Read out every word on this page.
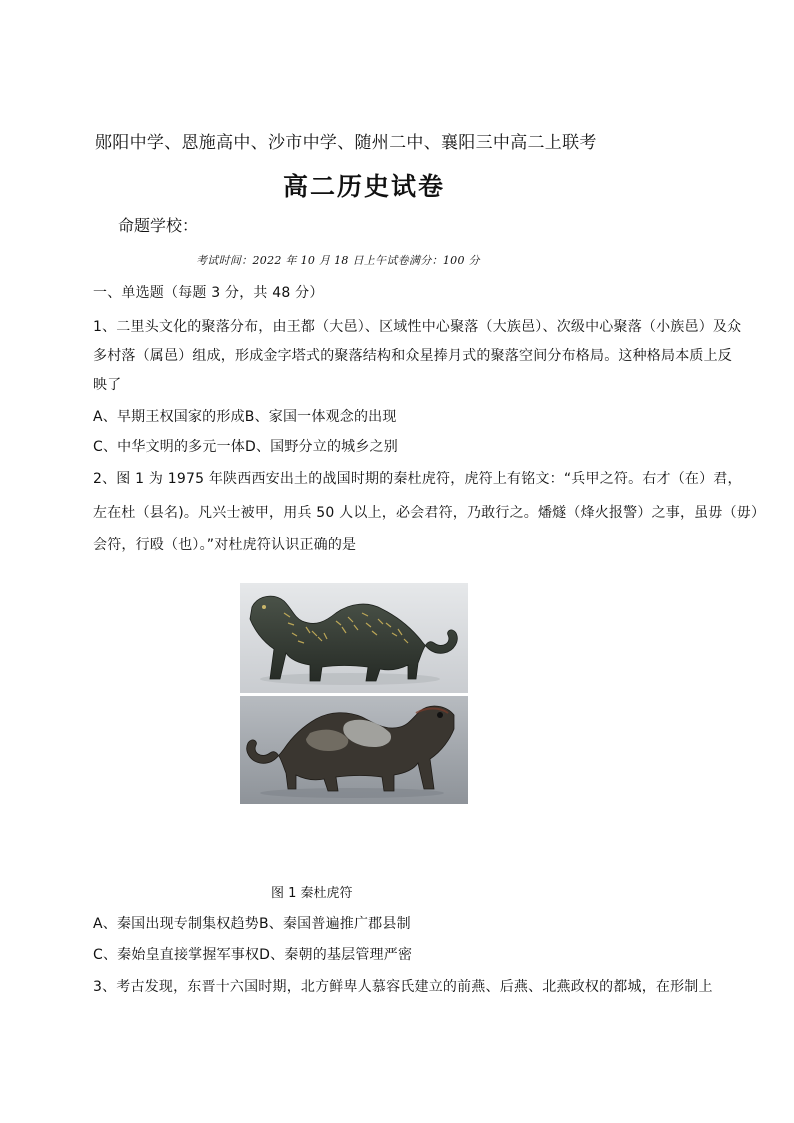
郧阳中学、恩施高中、沙市中学、随州二中、襄阳三中高二上联考
高二历史试卷
命题学校：
考试时间：2022 年 10 月 18 日上午试卷满分：100 分
一、单选题（每题 3 分，共 48 分）
1、二里头文化的聚落分布，由王都（大邑）、区域性中心聚落（大族邑）、次级中心聚落（小族邑）及众
多村落（属邑）组成，形成金字塔式的聚落结构和众星捧月式的聚落空间分布格局。这种格局本质上反
映了
A、早期王权国家的形成B、家国一体观念的出现
C、中华文明的多元一体D、国野分立的城乡之别
2、图 1 为 1975 年陕西西安出土的战国时期的秦杜虎符，虎符上有铭文：“兵甲之符。右才（在）君，
左在杜（县名)。凡兴士被甲，用兵 50 人以上，必会君符，乃敢行之。燔燧（烽火报警）之事，虽毋（毋）
会符，行殴（也）。”对杜虎符认识正确的是
图 1 秦杜虎符
A、秦国出现专制集权趋势B、秦国普遍推广郡县制
C、秦始皇直接掌握军事权D、秦朝的基层管理严密
3、考古发现，东晋十六国时期，北方鲜卑人慕容氏建立的前燕、后燕、北燕政权的都城，在形制上
